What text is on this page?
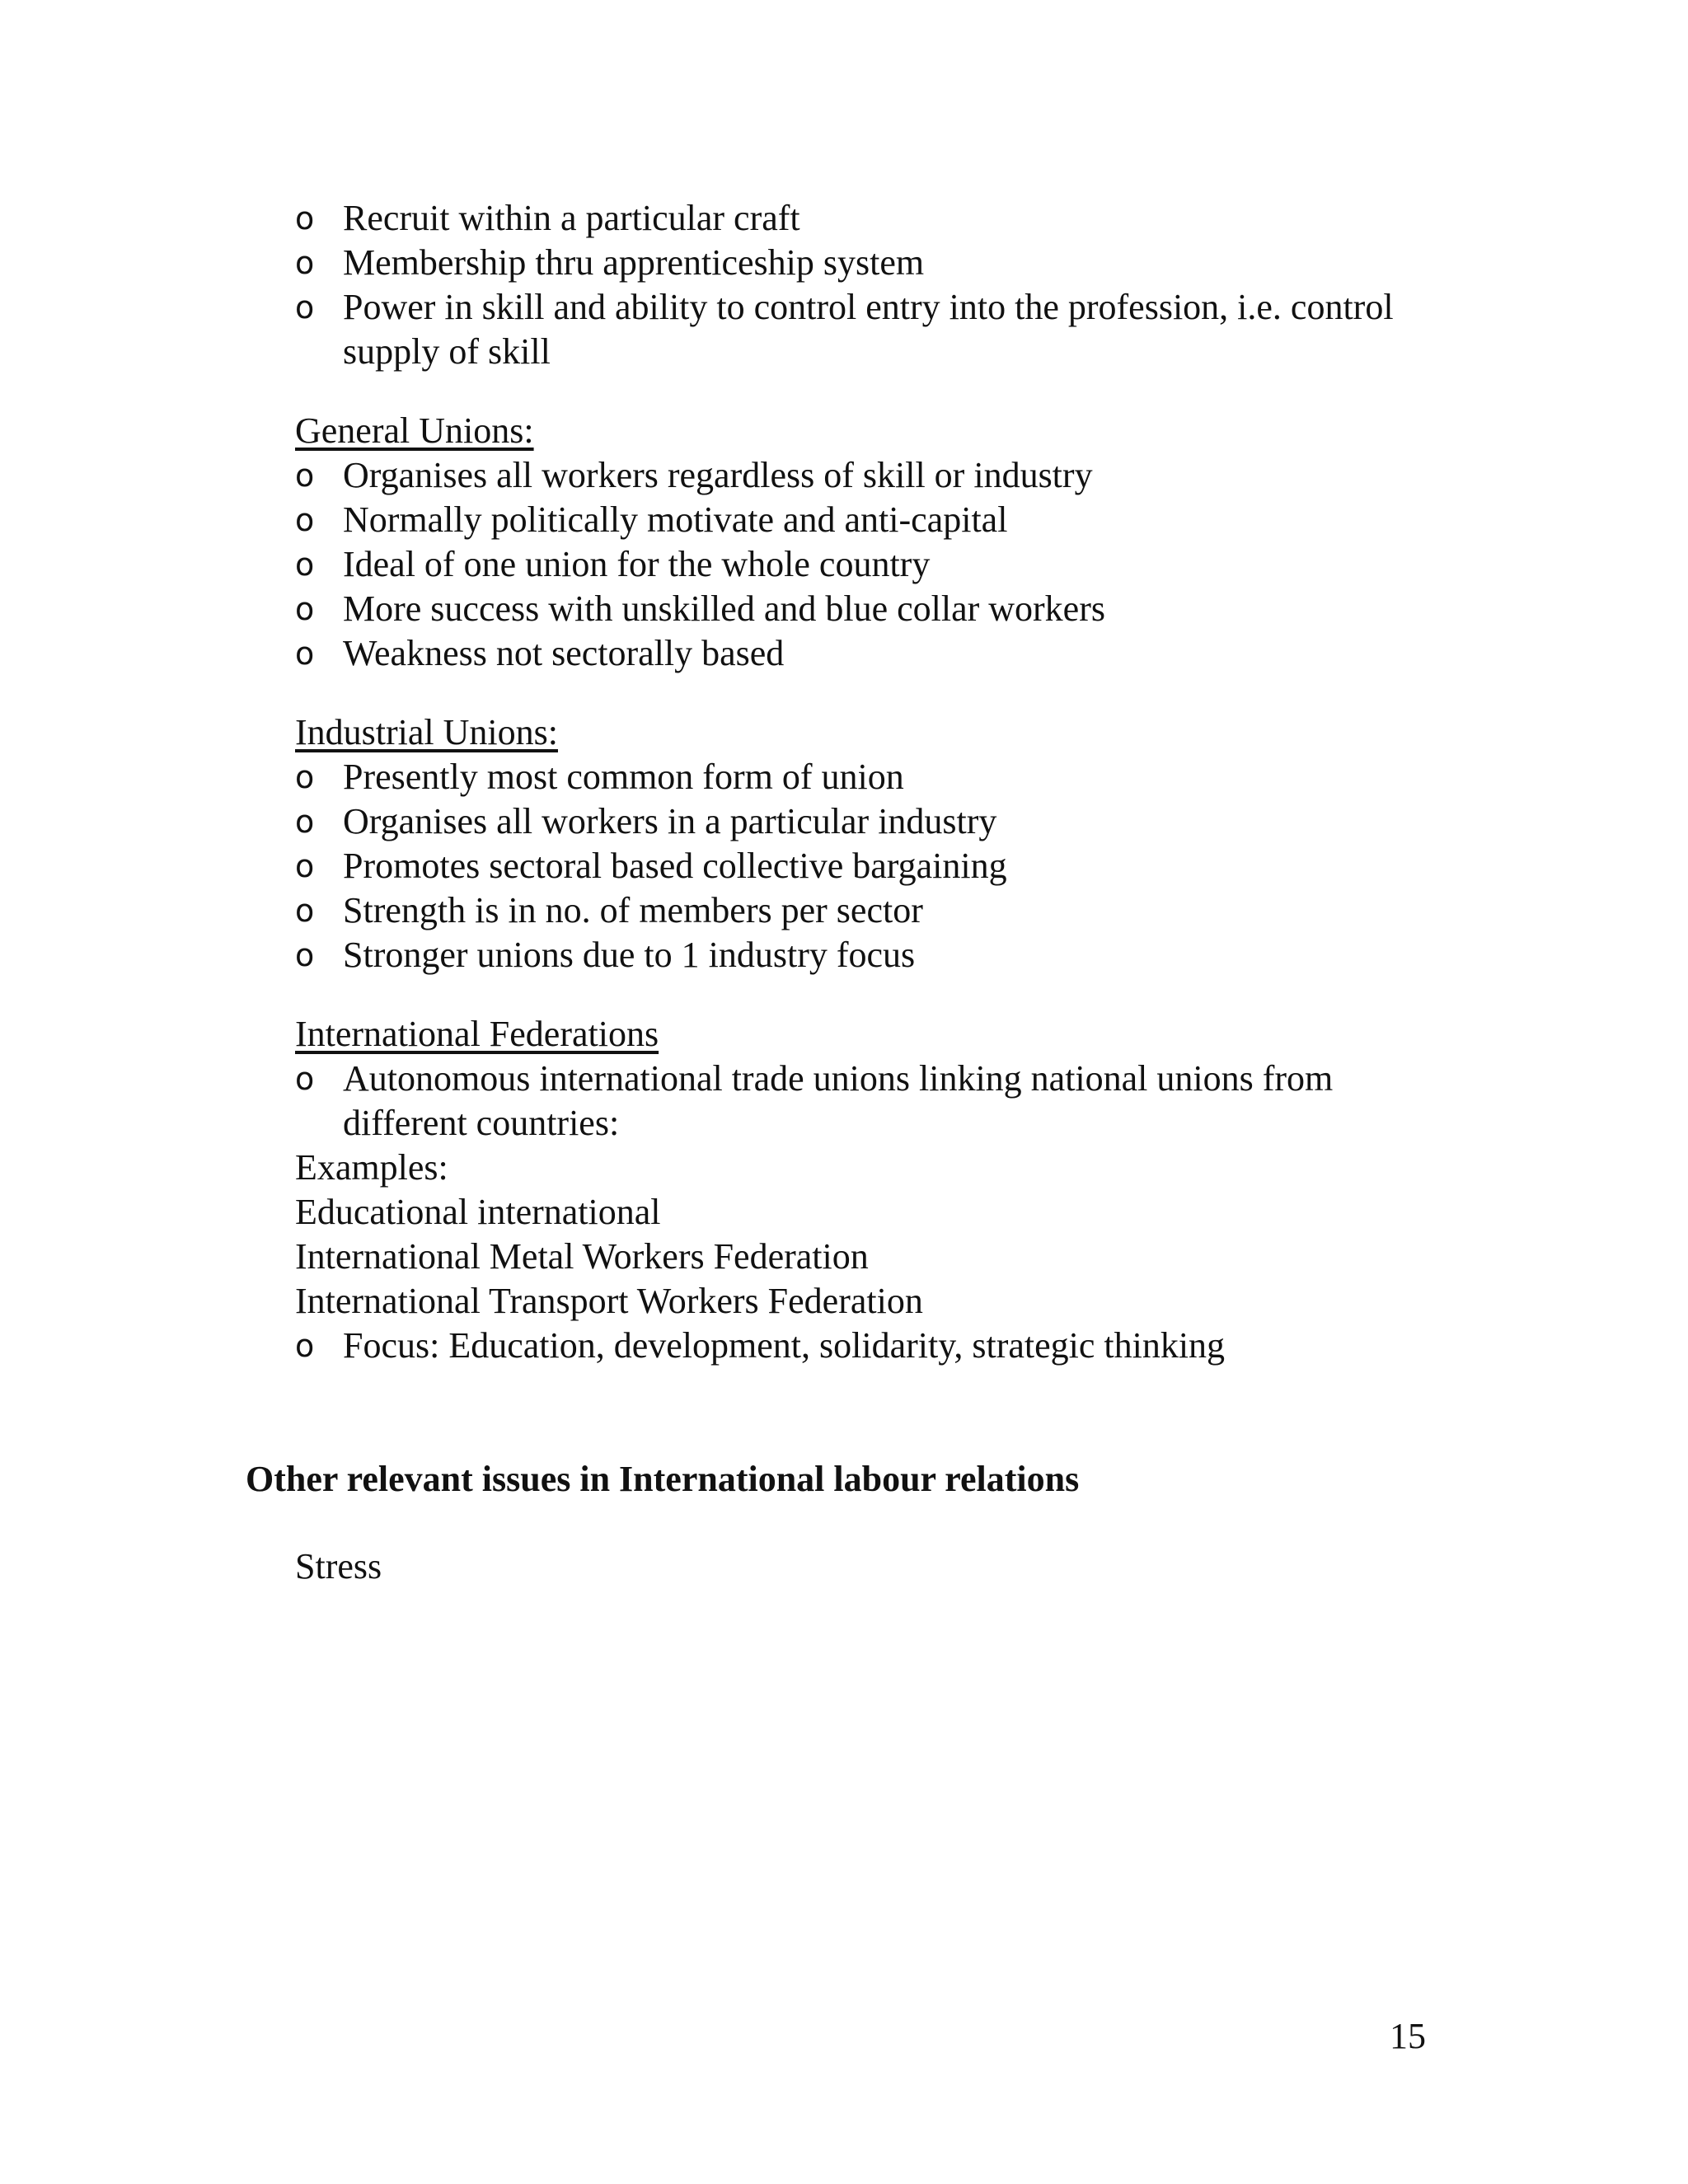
o Recruit within a particular craft
o Membership thru apprenticeship system
o Power in skill and ability to control entry into the profession, i.e. control supply of skill
General Unions:
o Organises all workers regardless of skill or industry
o Normally politically motivate and anti-capital
o Ideal of one union for the whole country
o More success with unskilled and blue collar workers
o Weakness not sectorally based
Industrial Unions:
o Presently most common form of union
o Organises all workers in a particular industry
o Promotes sectoral based collective bargaining
o Strength is in no. of members per sector
o Stronger unions due to 1 industry focus
International Federations
o Autonomous international trade unions linking national unions from different countries:
Examples:
Educational international
International Metal Workers Federation
International Transport Workers Federation
o Focus: Education, development, solidarity, strategic thinking
Other relevant issues in International labour relations
Stress
15
